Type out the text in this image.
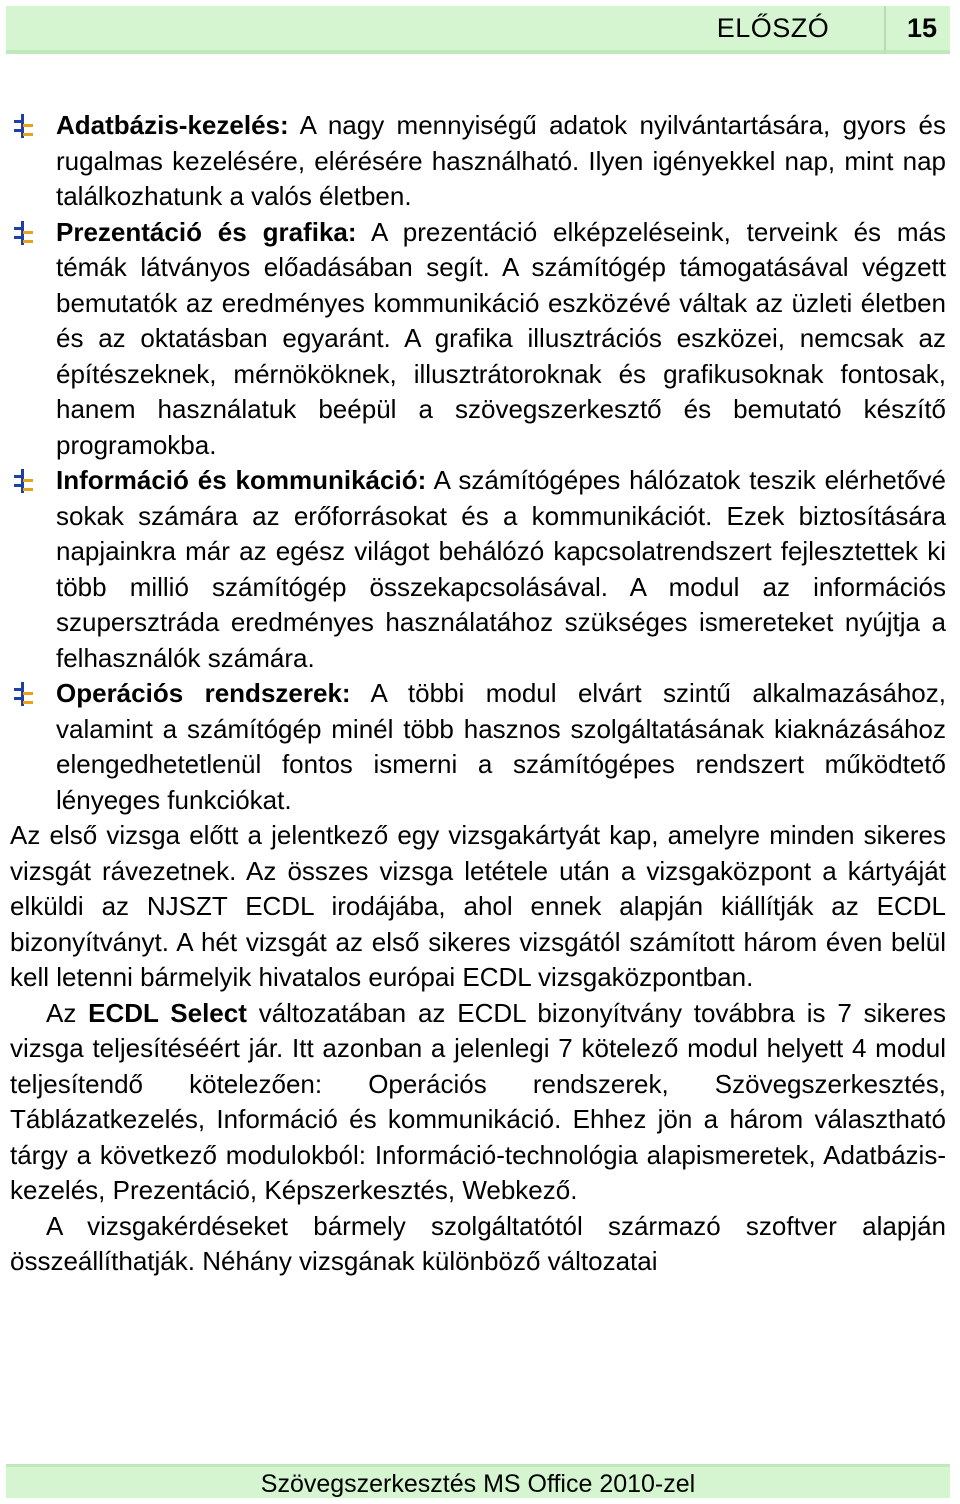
ELŐSZÓ	15
Adatbázis-kezelés: A nagy mennyiségű adatok nyilvántartására, gyors és rugalmas kezelésére, elérésére használható. Ilyen igényekkel nap, mint nap találkozhatunk a valós életben.
Prezentáció és grafika: A prezentáció elképzeléseink, terveink és más témák látványos előadásában segít. A számítógép támogatásával végzett bemutatók az eredményes kommunikáció eszközévé váltak az üzleti életben és az oktatásban egyaránt. A grafika illusztrációs eszközei, nemcsak az építészeknek, mérnököknek, illusztrátoroknak és grafikusoknak fontosak, hanem használatuk beépül a szövegszerkesztő és bemutató készítő programokba.
Információ és kommunikáció: A számítógépes hálózatok teszik elérhetővé sokak számára az erőforrásokat és a kommunikációt. Ezek biztosítására napjainkra már az egész világot behálózó kapcsolatrendszert fejlesztettek ki több millió számítógép összekapcsolásával. A modul az információs szupersztráda eredményes használatához szükséges ismereteket nyújtja a felhasználók számára.
Operációs rendszerek: A többi modul elvárt szintű alkalmazásához, valamint a számítógép minél több hasznos szolgáltatásának kiaknázásához elengedhetetlenül fontos ismerni a számítógépes rendszert működtető lényeges funkciókat.
Az első vizsga előtt a jelentkező egy vizsgakártyát kap, amelyre minden sikeres vizsgát rávezetnek. Az összes vizsga letétele után a vizsgaközpont a kártyáját elküldi az NJSZT ECDL irodájába, ahol ennek alapján kiállítják az ECDL bizonyítványt. A hét vizsgát az első sikeres vizsgától számított három éven belül kell letenni bármelyik hivatalos európai ECDL vizsgaközpontban.
Az ECDL Select változatában az ECDL bizonyítvány továbbra is 7 sikeres vizsga teljesítéséért jár. Itt azonban a jelenlegi 7 kötelező modul helyett 4 modul teljesítendő kötelezően: Operációs rendszerek, Szövegszerkesztés, Táblázatkezelés, Információ és kommunikáció. Ehhez jön a három választható tárgy a következő modulokból: Információ-technológia alapismeretek, Adatbázis-kezelés, Prezentáció, Képszerkesztés, Webkező.
A vizsgakérdéseket bármely szolgáltatótól származó szoftver alapján összeállíthatják. Néhány vizsgának különböző változatai
Szövegszerkesztés MS Office 2010-zel
